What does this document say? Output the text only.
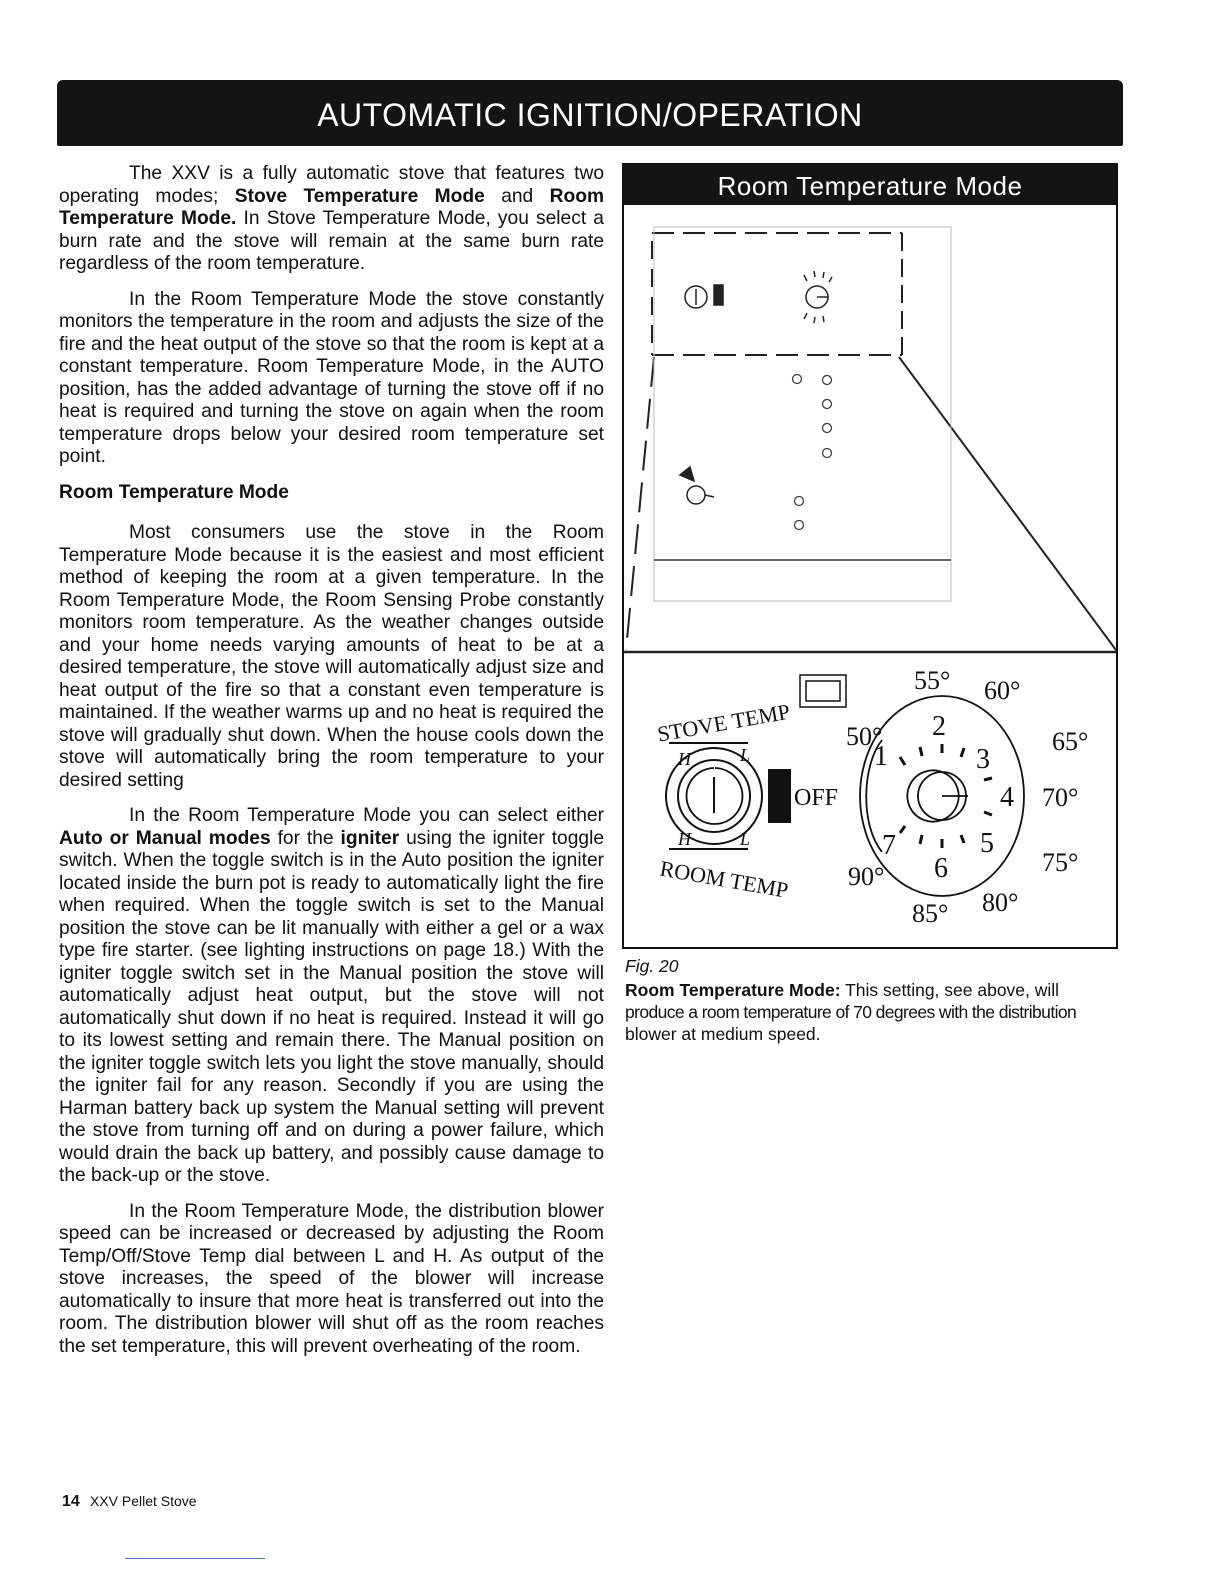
AUTOMATIC IGNITION/OPERATION

The XXV is a fully automatic stove that features two operating modes; Stove Temperature Mode and Room Temperature Mode. In Stove Temperature Mode, you select a burn rate and the stove will remain at the same burn rate regardless of the room temperature.

In the Room Temperature Mode the stove constantly monitors the temperature in the room and adjusts the size of the fire and the heat output of the stove so that the room is kept at a constant temperature. Room Temperature Mode, in the AUTO position, has the added advantage of turning the stove off if no heat is required and turning the stove on again when the room temperature drops below your desired room temperature set point.

Room Temperature Mode

Most consumers use the stove in the Room Temperature Mode because it is the easiest and most efficient method of keeping the room at a given temperature. In the Room Temperature Mode, the Room Sensing Probe constantly monitors room temperature. As the weather changes outside and your home needs varying amounts of heat to be at a desired temperature, the stove will automatically adjust size and heat output of the fire so that a constant even temperature is maintained. If the weather warms up and no heat is required the stove will gradually shut down. When the house cools down the stove will automatically bring the room temperature to your desired setting

In the Room Temperature Mode you can select either Auto or Manual modes for the igniter using the igniter toggle switch. When the toggle switch is in the Auto position the igniter located inside the burn pot is ready to automatically light the fire when required. When the toggle switch is set to the Manual position the stove can be lit manually with either a gel or a wax type fire starter. (see lighting instructions on page 18.) With the igniter toggle switch set in the Manual position the stove will automatically adjust heat output, but the stove will not automatically shut down if no heat is required. Instead it will go to its lowest setting and remain there. The Manual position on the igniter toggle switch lets you light the stove manually, should the igniter fail for any reason. Secondly if you are using the Harman battery back up system the Manual setting will prevent the stove from turning off and on during a power failure, which would drain the back up battery, and possibly cause damage to the back-up or the stove.

In the Room Temperature Mode, the distribution blower speed can be increased or decreased by adjusting the Room Temp/Off/Stove Temp dial between L and H. As output of the stove increases, the speed of the blower will increase automatically to insure that more heat is transferred out into the room. The distribution blower will shut off as the room reaches the set temperature, this will prevent overheating of the room.

Room Temperature Mode
STOVE TEMP
ROOM TEMP
H	L
H	L
OFF
1
2
3
4
5
6
7
50°
55° 60°
65°
70°
75°
80°
85°
90°
Fig. 20
Room Temperature Mode: This setting, see above, will
produce a room temperature of 70 degrees with the distribution
blower at medium speed.
14 XXV Pellet Stove
